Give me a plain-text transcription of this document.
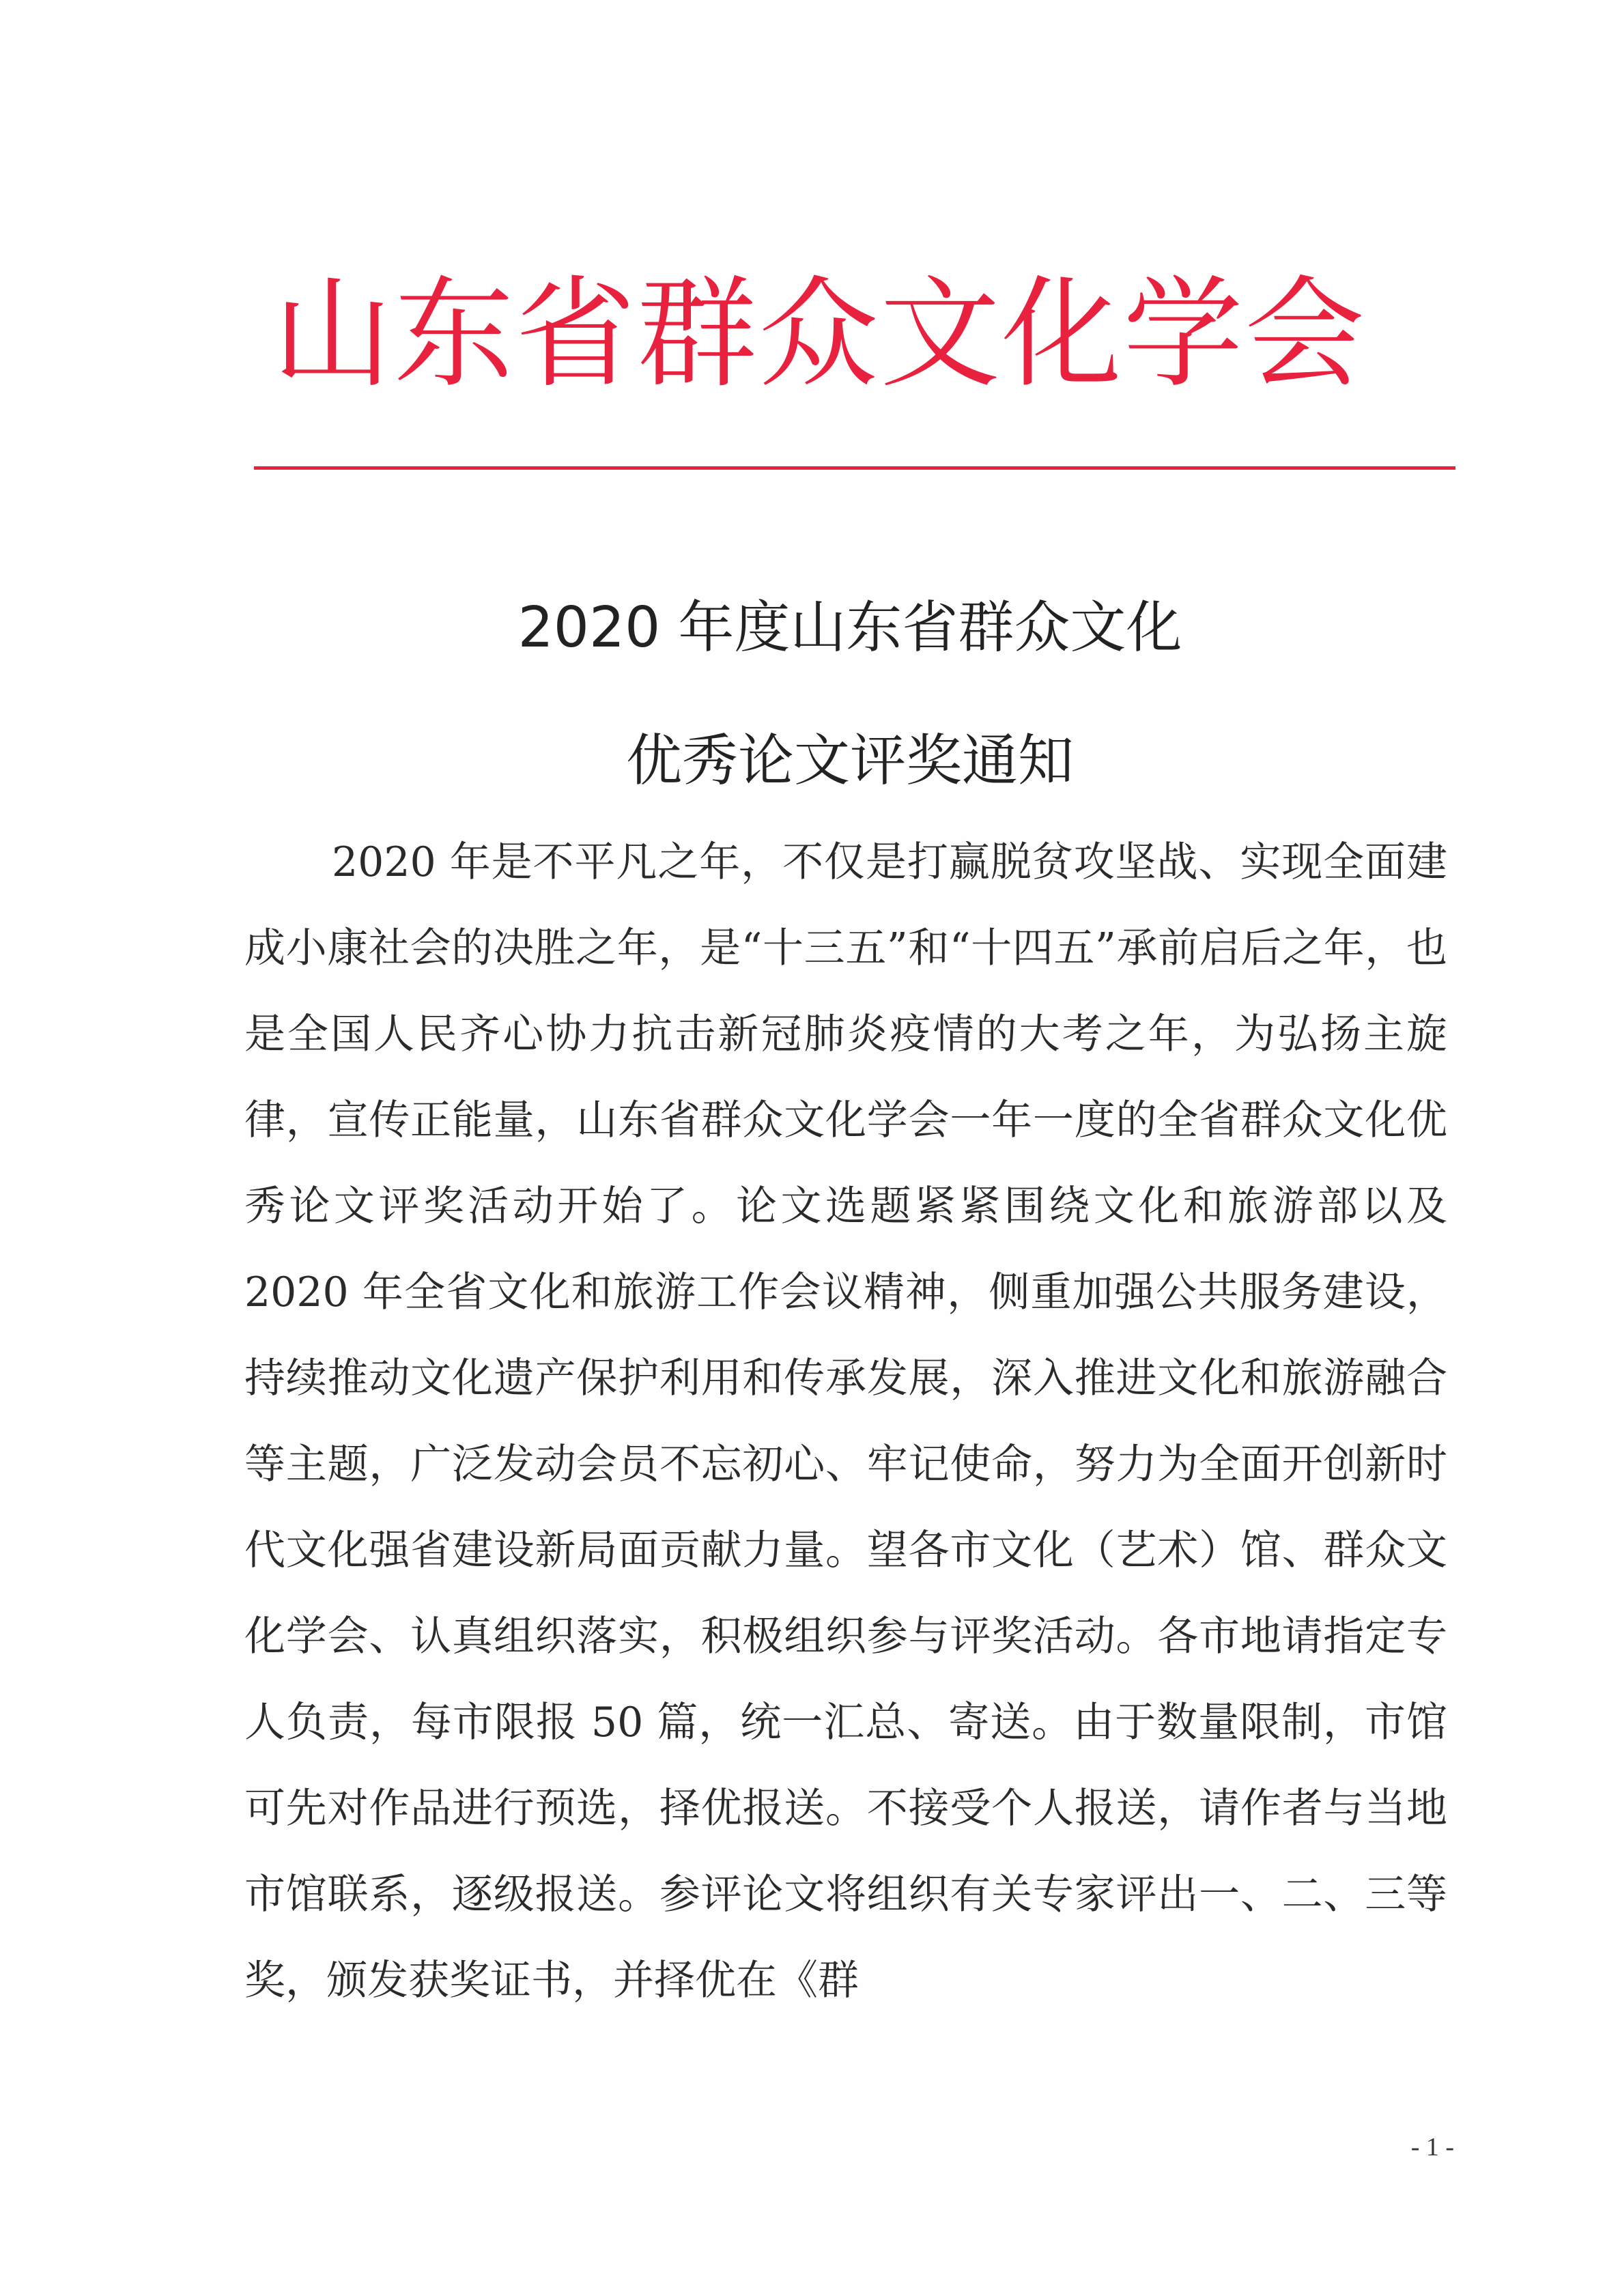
山东省群众文化学会
2020 年度山东省群众文化
优秀论文评奖通知

2020 年是不平凡之年，不仅是打赢脱贫攻坚战、实现全面建成小康社会的决胜之年，是“十三五”和“十四五”承前启后之年，也是全国人民齐心协力抗击新冠肺炎疫情的大考之年，为弘扬主旋律，宣传正能量，山东省群众文化学会一年一度的全省群众文化优秀论文评奖活动开始了。论文选题紧紧围绕文化和旅游部以及 2020 年全省文化和旅游工作会议精神，侧重加强公共服务建设，持续推动文化遗产保护利用和传承发展，深入推进文化和旅游融合等主题，广泛发动会员不忘初心、牢记使命，努力为全面开创新时代文化强省建设新局面贡献力量。望各市文化（艺术）馆、群众文化学会、认真组织落实，积极组织参与评奖活动。各市地请指定专人负责，每市限报 50 篇，统一汇总、寄送。由于数量限制，市馆可先对作品进行预选，择优报送。不接受个人报送，请作者与当地市馆联系，逐级报送。参评论文将组织有关专家评出一、二、三等奖，颁发获奖证书，并择优在《群

- 1 -
